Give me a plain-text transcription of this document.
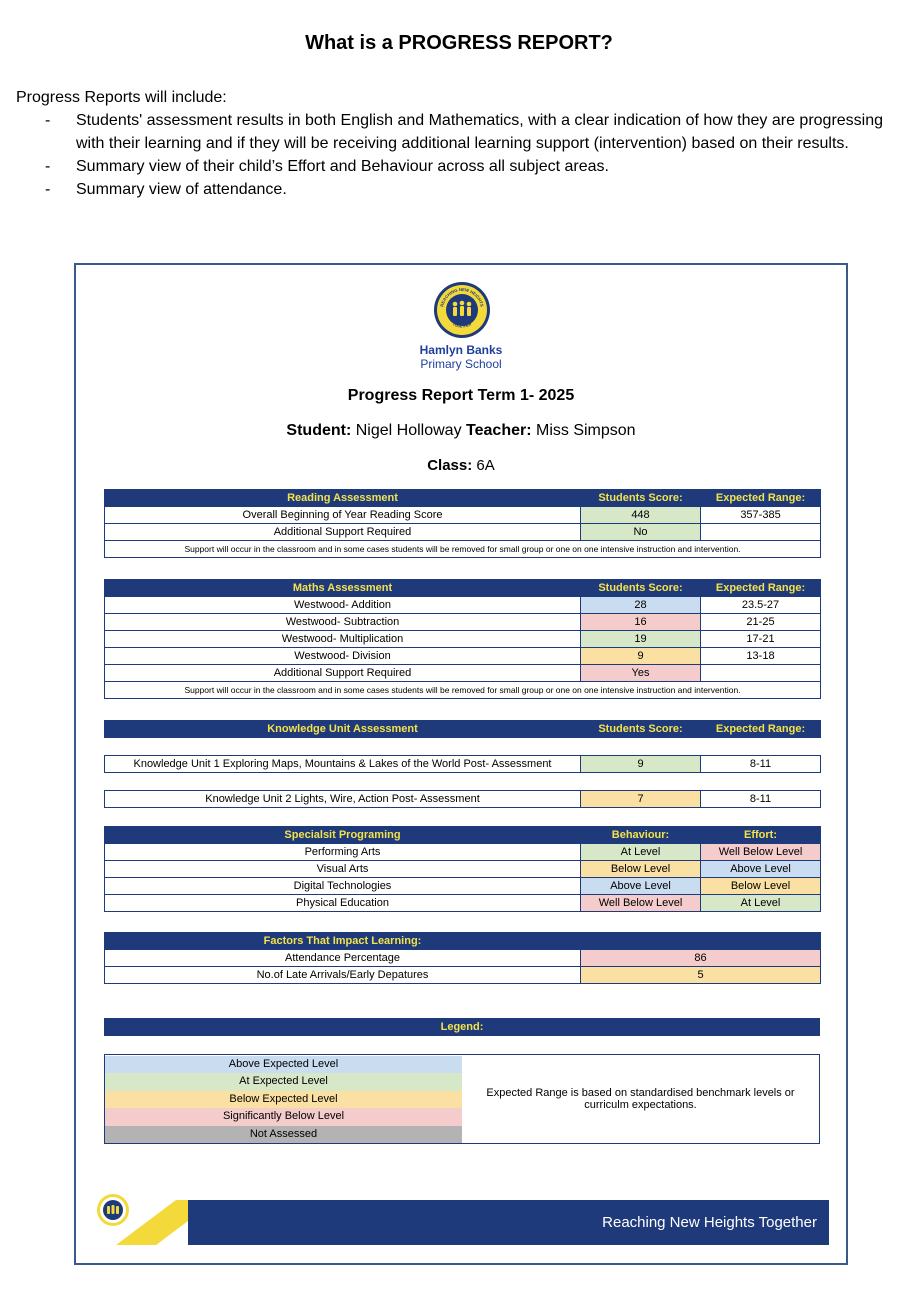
What is a PROGRESS REPORT?
Progress Reports will include:
- Students' assessment results in both English and Mathematics, with a clear indication of how they are progressing with their learning and if they will be receiving additional learning support (intervention) based on their results.
- Summary view of their child’s Effort and Behaviour across all subject areas.
- Summary view of attendance.
REACHING NEW HEIGHTS
TOGETHER
Hamlyn Banks
Primary School
Progress Report Term 1- 2025
Student: Nigel Holloway Teacher: Miss Simpson
Class: 6A
Reading Assessment	Students Score:	Expected Range:
Overall Beginning of Year Reading Score	448	357-385
Additional Support Required	No	
Support will occur in the classroom and in some cases students will be removed for small group or one on one intensive instruction and intervention.		
Maths Assessment	Students Score:	Expected Range:
Westwood- Addition	28	23.5-27
Westwood- Subtraction	16	21-25
Westwood- Multiplication	19	17-21
Westwood- Division	9	13-18
Additional Support Required	Yes	
Support will occur in the classroom and in some cases students will be removed for small group or one on one intensive instruction and intervention.		
Knowledge Unit Assessment	Students Score:	Expected Range:
Knowledge Unit 1 Exploring Maps, Mountains & Lakes of the World Post- Assessment	9	8-11
Knowledge Unit 2 Lights, Wire, Action Post- Assessment	7	8-11
Specialsit Programing	Behaviour:	Effort:
Performing Arts	At Level	Well Below Level
Visual Arts	Below Level	Above Level
Digital Technologies	Above Level	Below Level
Physical Education	Well Below Level	At Level
Factors That Impact Learning:	
Attendance Percentage	86
No.of Late Arrivals/Early Depatures	5
Legend:
Above Expected Level
At Expected Level
Below Expected Level
Significantly Below Level
Not Assessed
Expected Range is based on standardised benchmark levels or curriculm expectations.
Reaching New Heights Together
